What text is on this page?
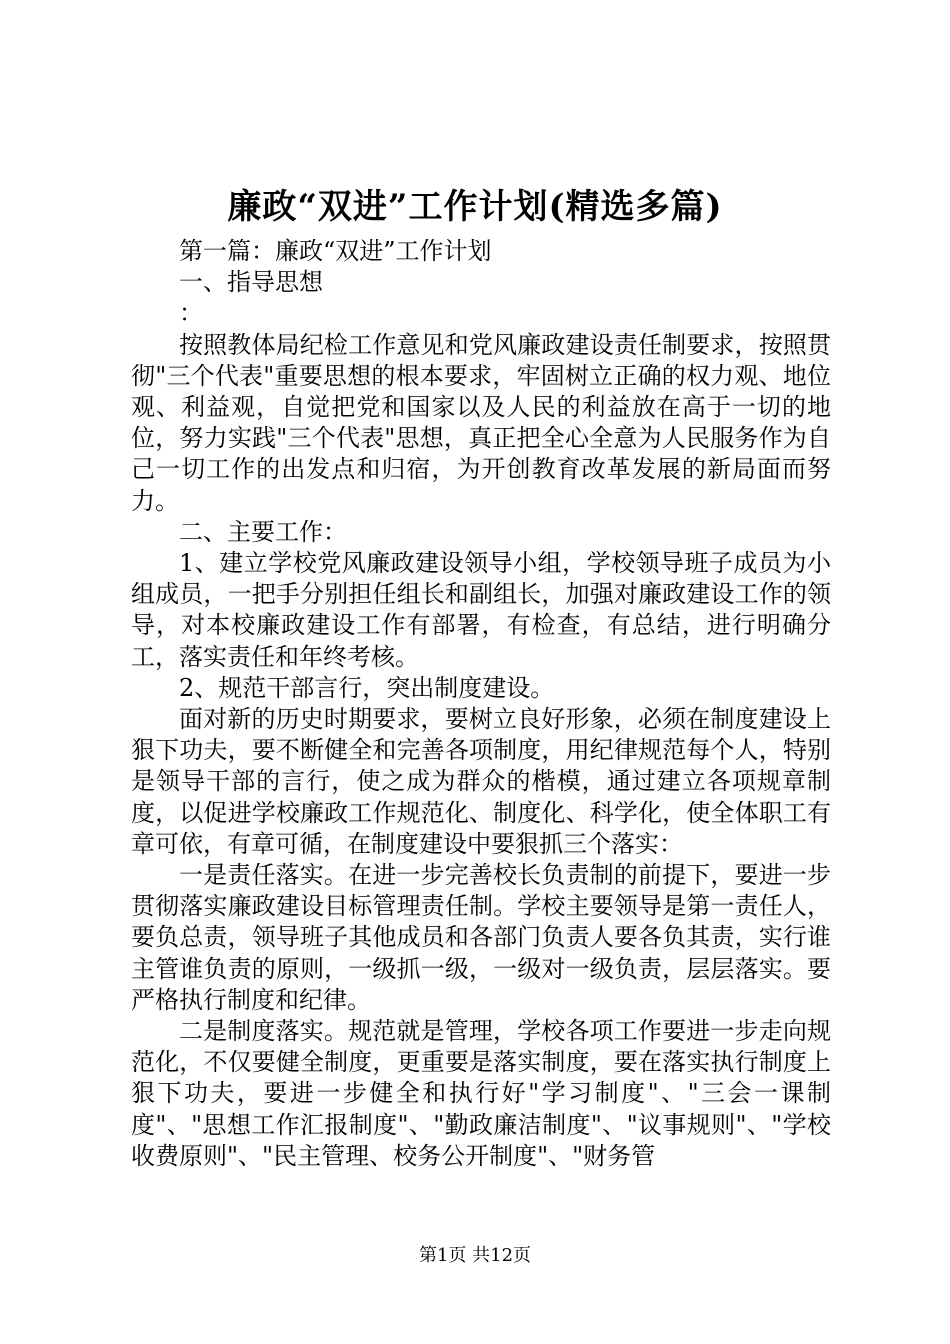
廉政“双进”工作计划(精选多篇)

第一篇：廉政“双进”工作计划

一、指导思想

：

按照教体局纪检工作意见和党风廉政建设责任制要求，按照贯彻"三个代表"重要思想的根本要求，牢固树立正确的权力观、地位观、利益观，自觉把党和国家以及人民的利益放在高于一切的地位，努力实践"三个代表"思想，真正把全心全意为人民服务作为自己一切工作的出发点和归宿，为开创教育改革发展的新局面而努力。

二、主要工作：

1、建立学校党风廉政建设领导小组，学校领导班子成员为小组成员，一把手分别担任组长和副组长，加强对廉政建设工作的领导，对本校廉政建设工作有部署，有检查，有总结，进行明确分工，落实责任和年终考核。

2、规范干部言行，突出制度建设。

面对新的历史时期要求，要树立良好形象，必须在制度建设上狠下功夫，要不断健全和完善各项制度，用纪律规范每个人，特别是领导干部的言行，使之成为群众的楷模，通过建立各项规章制度，以促进学校廉政工作规范化、制度化、科学化，使全体职工有章可依，有章可循，在制度建设中要狠抓三个落实：

一是责任落实。在进一步完善校长负责制的前提下，要进一步贯彻落实廉政建设目标管理责任制。学校主要领导是第一责任人，要负总责，领导班子其他成员和各部门负责人要各负其责，实行谁主管谁负责的原则，一级抓一级，一级对一级负责，层层落实。要严格执行制度和纪律。

二是制度落实。规范就是管理，学校各项工作要进一步走向规范化，不仅要健全制度，更重要是落实制度，要在落实执行制度上狠下功夫，要进一步健全和执行好"学习制度"、"三会一课制度"、"思想工作汇报制度"、"勤政廉洁制度"、"议事规则"、"学校收费原则"、"民主管理、校务公开制度"、"财务管

第1页 共12页
